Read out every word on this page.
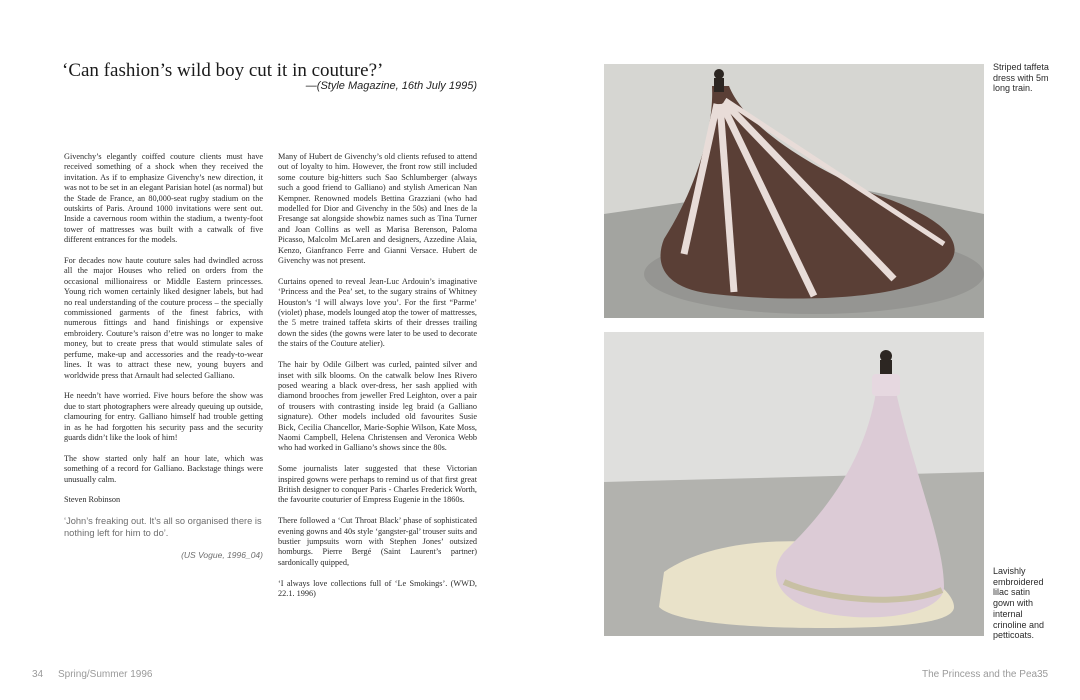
‘Can fashion’s wild boy cut it in couture?’
—(Style Magazine, 16th July 1995)

Givenchy’s elegantly coiffed couture clients must have received something of a shock when they received the invitation. As if to emphasize Givenchy’s new direction, it was not to be set in an elegant Parisian hotel (as normal) but the Stade de France, an 80,000-seat rugby stadium on the outskirts of Paris. Around 1000 invitations were sent out. Inside a cavernous room within the stadium, a twenty-foot tower of mattresses was built with a catwalk of five different entrances for the models.

For decades now haute couture sales had dwindled across all the major Houses who relied on orders from the occasional millionairess or Middle Eastern princesses. Young rich women certainly liked designer labels, but had no real understanding of the couture process – the specially commissioned garments of the finest fabrics, with numerous fittings and hand finishings or expensive embroidery. Couture’s raison d’etre was no longer to make money, but to create press that would stimulate sales of perfume, make-up and accessories and the ready-to-wear lines. It was to attract these new, young buyers and worldwide press that Arnault had selected Galliano.

He needn’t have worried. Five hours before the show was due to start photographers were already queuing up outside, clamouring for entry. Galliano himself had trouble getting in as he had forgotten his security pass and the security guards didn’t like the look of him!

The show started only half an hour late, which was something of a record for Galliano. Backstage things were unusually calm.

Steven Robinson

‘John’s freaking out. It’s all so organised there is nothing left for him to do’.

(US Vogue, 1996_04)

Many of Hubert de Givenchy’s old clients refused to attend out of loyalty to him. However, the front row still included some couture big-hitters such Sao Schlumberger (always such a good friend to Galliano) and stylish American Nan Kempner. Renowned models Bettina Grazziani (who had modelled for Dior and Givenchy in the 50s) and Ines de la Fresange sat alongside showbiz names such as Tina Turner and Joan Collins as well as Marisa Berenson, Paloma Picasso, Malcolm McLaren and designers, Azzedine Alaia, Kenzo, Gianfranco Ferre and Gianni Versace. Hubert de Givenchy was not present.

Curtains opened to reveal Jean-Luc Ardouin’s imaginative ‘Princess and the Pea’ set, to the sugary strains of Whitney Houston’s ‘I will always love you’. For the first “Parme’ (violet) phase, models lounged atop the tower of mattresses, the 5 metre trained taffeta skirts of their dresses trailing down the sides (the gowns were later to be used to decorate the stairs of the Couture atelier).

The hair by Odile Gilbert was curled, painted silver and inset with silk blooms. On the catwalk below Ines Rivero posed wearing a black over-dress, her sash applied with diamond brooches from jeweller Fred Leighton, over a pair of trousers with contrasting inside leg braid (a Galliano signature). Other models included old favourites Susie Bick, Cecilia Chancellor, Marie-Sophie Wilson, Kate Moss, Naomi Campbell, Helena Christensen and Veronica Webb who had worked in Galliano’s shows since the 80s.

Some journalists later suggested that these Victorian inspired gowns were perhaps to remind us of that first great British designer to conquer Paris - Charles Frederick Worth, the favourite couturier of Empress Eugenie in the 1860s.

There followed a ‘Cut Throat Black’ phase of sophisticated evening gowns and 40s style ‘gangster-gal’ trouser suits and bustier jumpsuits worn with Stephen Jones’ outsized homburgs. Pierre Bergé (Saint Laurent’s partner) sardonically quipped,

‘I always love collections full of ‘Le Smokings’. (WWD, 22.1. 1996)

Striped taffeta dress with 5m long train.
Lavishly embroidered lilac satin gown with internal crinoline and petticoats.
34 Spring/Summer 1996	The Princess and the Pea 35
